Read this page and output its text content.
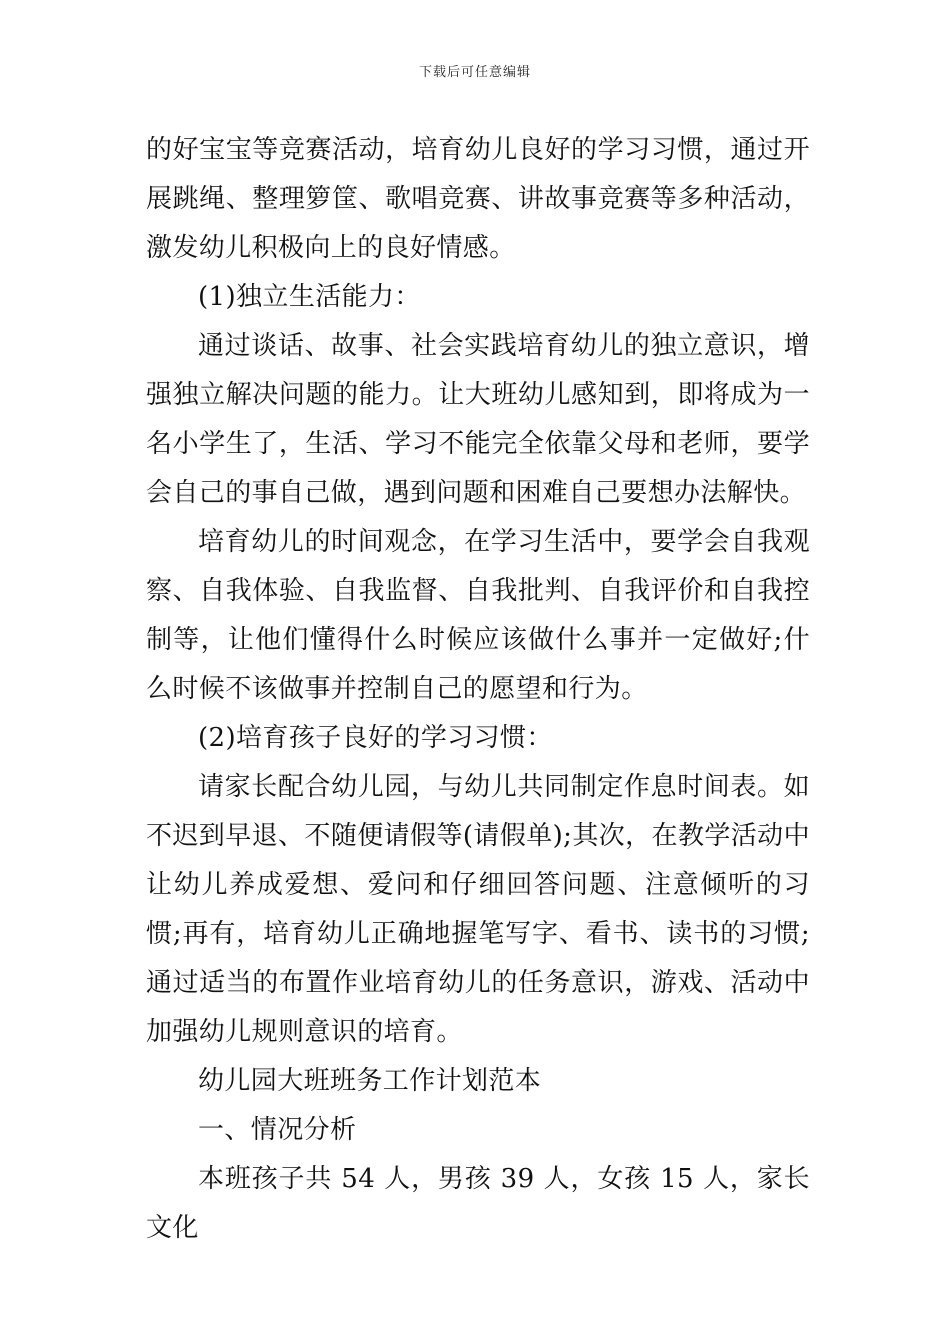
下载后可任意编辑

的好宝宝等竞赛活动，培育幼儿良好的学习习惯，通过开展跳绳、整理箩筐、歌唱竞赛、讲故事竞赛等多种活动，激发幼儿积极向上的良好情感。

(1)独立生活能力：

通过谈话、故事、社会实践培育幼儿的独立意识，增强独立解决问题的能力。让大班幼儿感知到，即将成为一名小学生了，生活、学习不能完全依靠父母和老师，要学会自己的事自己做，遇到问题和困难自己要想办法解快。

培育幼儿的时间观念，在学习生活中，要学会自我观察、自我体验、自我监督、自我批判、自我评价和自我控制等，让他们懂得什么时候应该做什么事并一定做好;什么时候不该做事并控制自己的愿望和行为。

(2)培育孩子良好的学习习惯：

请家长配合幼儿园，与幼儿共同制定作息时间表。如不迟到早退、不随便请假等(请假单);其次，在教学活动中让幼儿养成爱想、爱问和仔细回答问题、注意倾听的习惯;再有，培育幼儿正确地握笔写字、看书、读书的习惯;通过适当的布置作业培育幼儿的任务意识，游戏、活动中加强幼儿规则意识的培育。

幼儿园大班班务工作计划范本

一、情况分析

本班孩子共 54 人，男孩 39 人，女孩 15 人，家长文化
